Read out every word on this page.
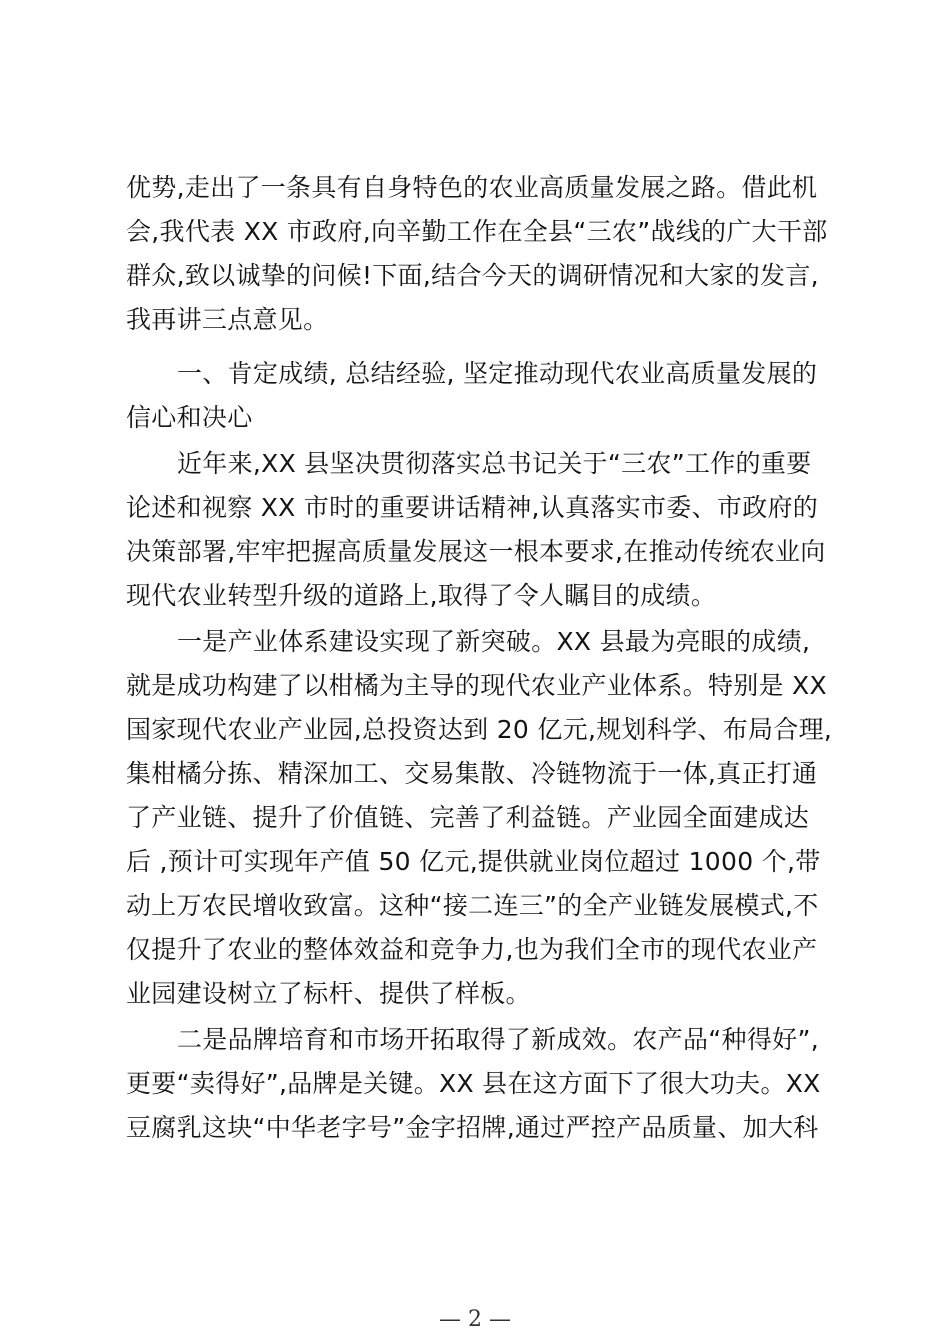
优势,走出了一条具有自身特色的农业高质量发展之路。借此机
会,我代表 XX 市政府,向辛勤工作在全县“三农”战线的广大干部
群众,致以诚挚的问候!下面,结合今天的调研情况和大家的发言,
我再讲三点意见。
一、肯定成绩, 总结经验, 坚定推动现代农业高质量发展的
信心和决心
近年来,XX 县坚决贯彻落实总书记关于“三农”工作的重要
论述和视察 XX 市时的重要讲话精神,认真落实市委、市政府的
决策部署,牢牢把握高质量发展这一根本要求,在推动传统农业向
现代农业转型升级的道路上,取得了令人瞩目的成绩。
一是产业体系建设实现了新突破。XX 县最为亮眼的成绩,
就是成功构建了以柑橘为主导的现代农业产业体系。特别是 XX
国家现代农业产业园,总投资达到 20 亿元,规划科学、布局合理,
集柑橘分拣、精深加工、交易集散、冷链物流于一体,真正打通
了产业链、提升了价值链、完善了利益链。产业园全面建成达
后 ,预计可实现年产值 50 亿元,提供就业岗位超过 1000 个,带
动上万农民增收致富。这种“接二连三”的全产业链发展模式,不
仅提升了农业的整体效益和竞争力,也为我们全市的现代农业产
业园建设树立了标杆、提供了样板。
二是品牌培育和市场开拓取得了新成效。农产品“种得好”,
更要“卖得好”,品牌是关键。XX 县在这方面下了很大功夫。XX
豆腐乳这块“中华老字号”金字招牌,通过严控产品质量、加大科
— 2 —
